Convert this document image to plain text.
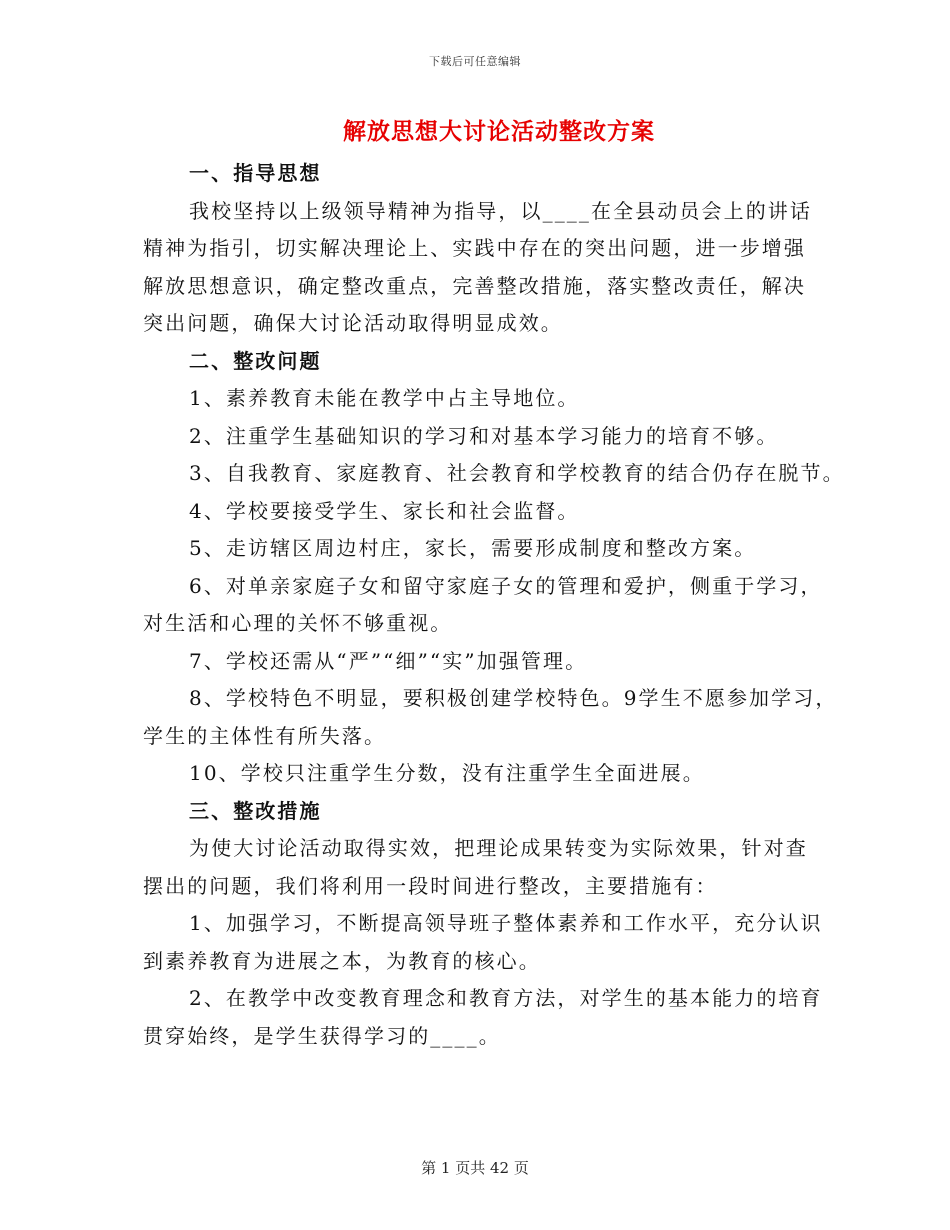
下载后可任意编辑
解放思想大讨论活动整改方案
一、指导思想
我校坚持以上级领导精神为指导，以____在全县动员会上的讲话
精神为指引，切实解决理论上、实践中存在的突出问题，进一步增强
解放思想意识，确定整改重点，完善整改措施，落实整改责任，解决
突出问题，确保大讨论活动取得明显成效。
二、整改问题
1、素养教育未能在教学中占主导地位。
2、注重学生基础知识的学习和对基本学习能力的培育不够。
3、自我教育、家庭教育、社会教育和学校教育的结合仍存在脱节。
4、学校要接受学生、家长和社会监督。
5、走访辖区周边村庄，家长，需要形成制度和整改方案。
6、对单亲家庭子女和留守家庭子女的管理和爱护，侧重于学习，
对生活和心理的关怀不够重视。
7、学校还需从“严”“细”“实”加强管理。
8、学校特色不明显，要积极创建学校特色。9学生不愿参加学习，
学生的主体性有所失落。
10、学校只注重学生分数，没有注重学生全面进展。
三、整改措施
为使大讨论活动取得实效，把理论成果转变为实际效果，针对查
摆出的问题，我们将利用一段时间进行整改，主要措施有：
1、加强学习，不断提高领导班子整体素养和工作水平，充分认识
到素养教育为进展之本，为教育的核心。
2、在教学中改变教育理念和教育方法，对学生的基本能力的培育
贯穿始终，是学生获得学习的____。
第 1 页共 42 页
